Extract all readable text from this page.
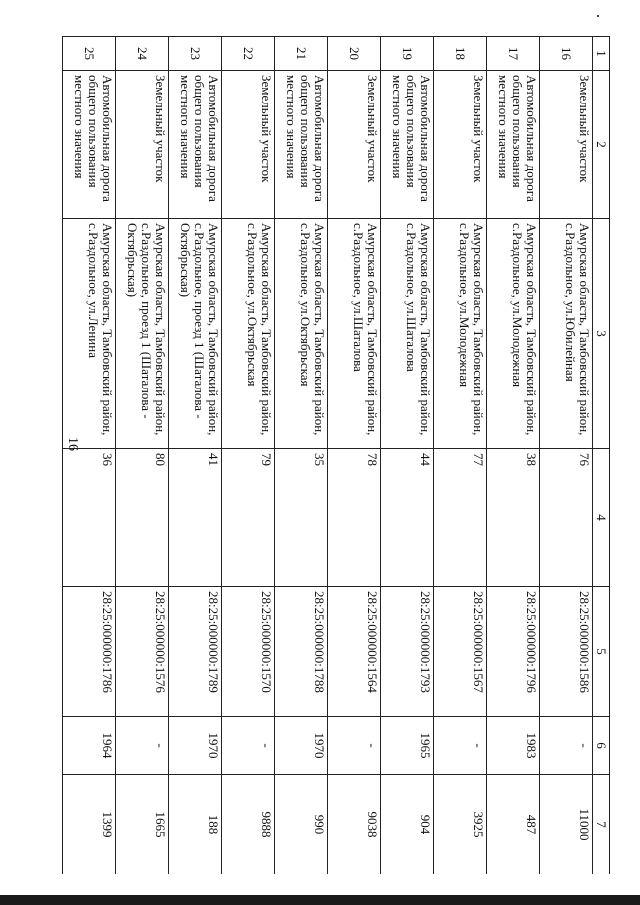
16
1	2	3	4	5	6	7
16	Земельный участок	Амурская область, Тамбовский район, с.Раздольное, ул.Юбилейная	76	28:25:000000:1586	-	11000
17	Автомобильная дорога общего пользования местного значения	Амурская область, Тамбовский район, с.Раздольное, ул.Молодежная	38	28:25:000000:1796	1983	487
18	Земельный участок	Амурская область, Тамбовский район, с.Раздольное, ул.Молодежная	77	28:25:000000:1567	-	3925
19	Автомобильная дорога общего пользования местного значения	Амурская область, Тамбовский район, с.Раздольное, ул.Шаталова	44	28:25:000000:1793	1965	904
20	Земельный участок	Амурская область, Тамбовский район, с.Раздольное, ул.Шаталова	78	28:25:000000:1564	-	9038
21	Автомобильная дорога общего пользования местного значения	Амурская область, Тамбовский район, с.Раздольное, ул.Октябрьская	35	28:25:000000:1788	1970	990
22	Земельный участок	Амурская область, Тамбовский район, с.Раздольное, ул.Октябрьская	79	28:25:000000:1570	-	9888
23	Автомобильная дорога общего пользования местного значения	Амурская область, Тамбовский район, с.Раздольное, проезд 1 (Шаталова - Октябрьская)	41	28:25:000000:1789	1970	188
24	Земельный участок	Амурская область, Тамбовский район, с.Раздольное, проезд 1 (Шаталова - Октябрьская)	80	28:25:000000:1576	-	1665
25	Автомобильная дорога общего пользования местного значения	Амурская область, Тамбовский район, с.Раздольное, ул.Ленина	36	28:25:000000:1786	1964	1399
